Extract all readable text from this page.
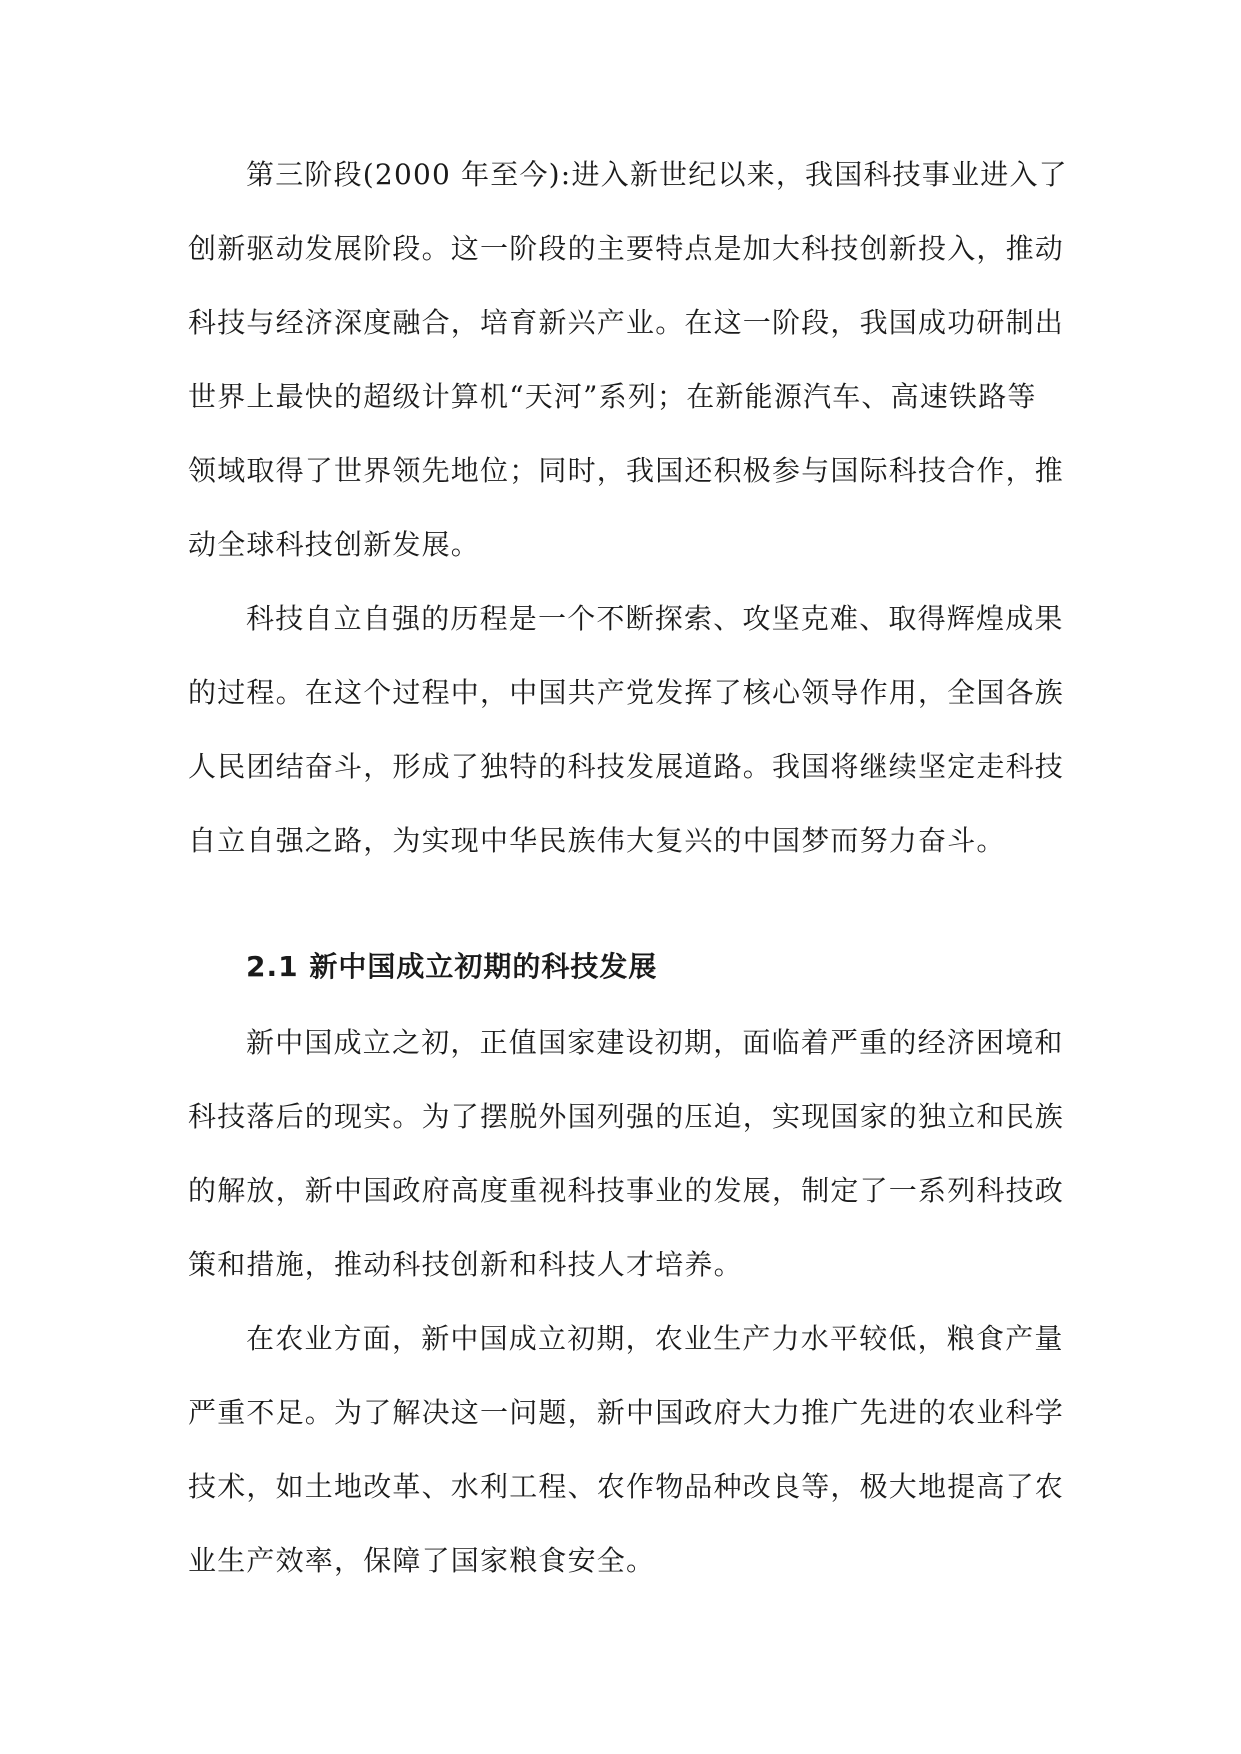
第三阶段(2000 年至今):进入新世纪以来，我国科技事业进入了
创新驱动发展阶段。这一阶段的主要特点是加大科技创新投入，推动
科技与经济深度融合，培育新兴产业。在这一阶段，我国成功研制出
世界上最快的超级计算机“天河”系列；在新能源汽车、高速铁路等
领域取得了世界领先地位；同时，我国还积极参与国际科技合作，推
动全球科技创新发展。
科技自立自强的历程是一个不断探索、攻坚克难、取得辉煌成果
的过程。在这个过程中，中国共产党发挥了核心领导作用，全国各族
人民团结奋斗，形成了独特的科技发展道路。我国将继续坚定走科技
自立自强之路，为实现中华民族伟大复兴的中国梦而努力奋斗。
2.1 新中国成立初期的科技发展
新中国成立之初，正值国家建设初期，面临着严重的经济困境和
科技落后的现实。为了摆脱外国列强的压迫，实现国家的独立和民族
的解放，新中国政府高度重视科技事业的发展，制定了一系列科技政
策和措施，推动科技创新和科技人才培养。
在农业方面，新中国成立初期，农业生产力水平较低，粮食产量
严重不足。为了解决这一问题，新中国政府大力推广先进的农业科学
技术，如土地改革、水利工程、农作物品种改良等，极大地提高了农
业生产效率，保障了国家粮食安全。
